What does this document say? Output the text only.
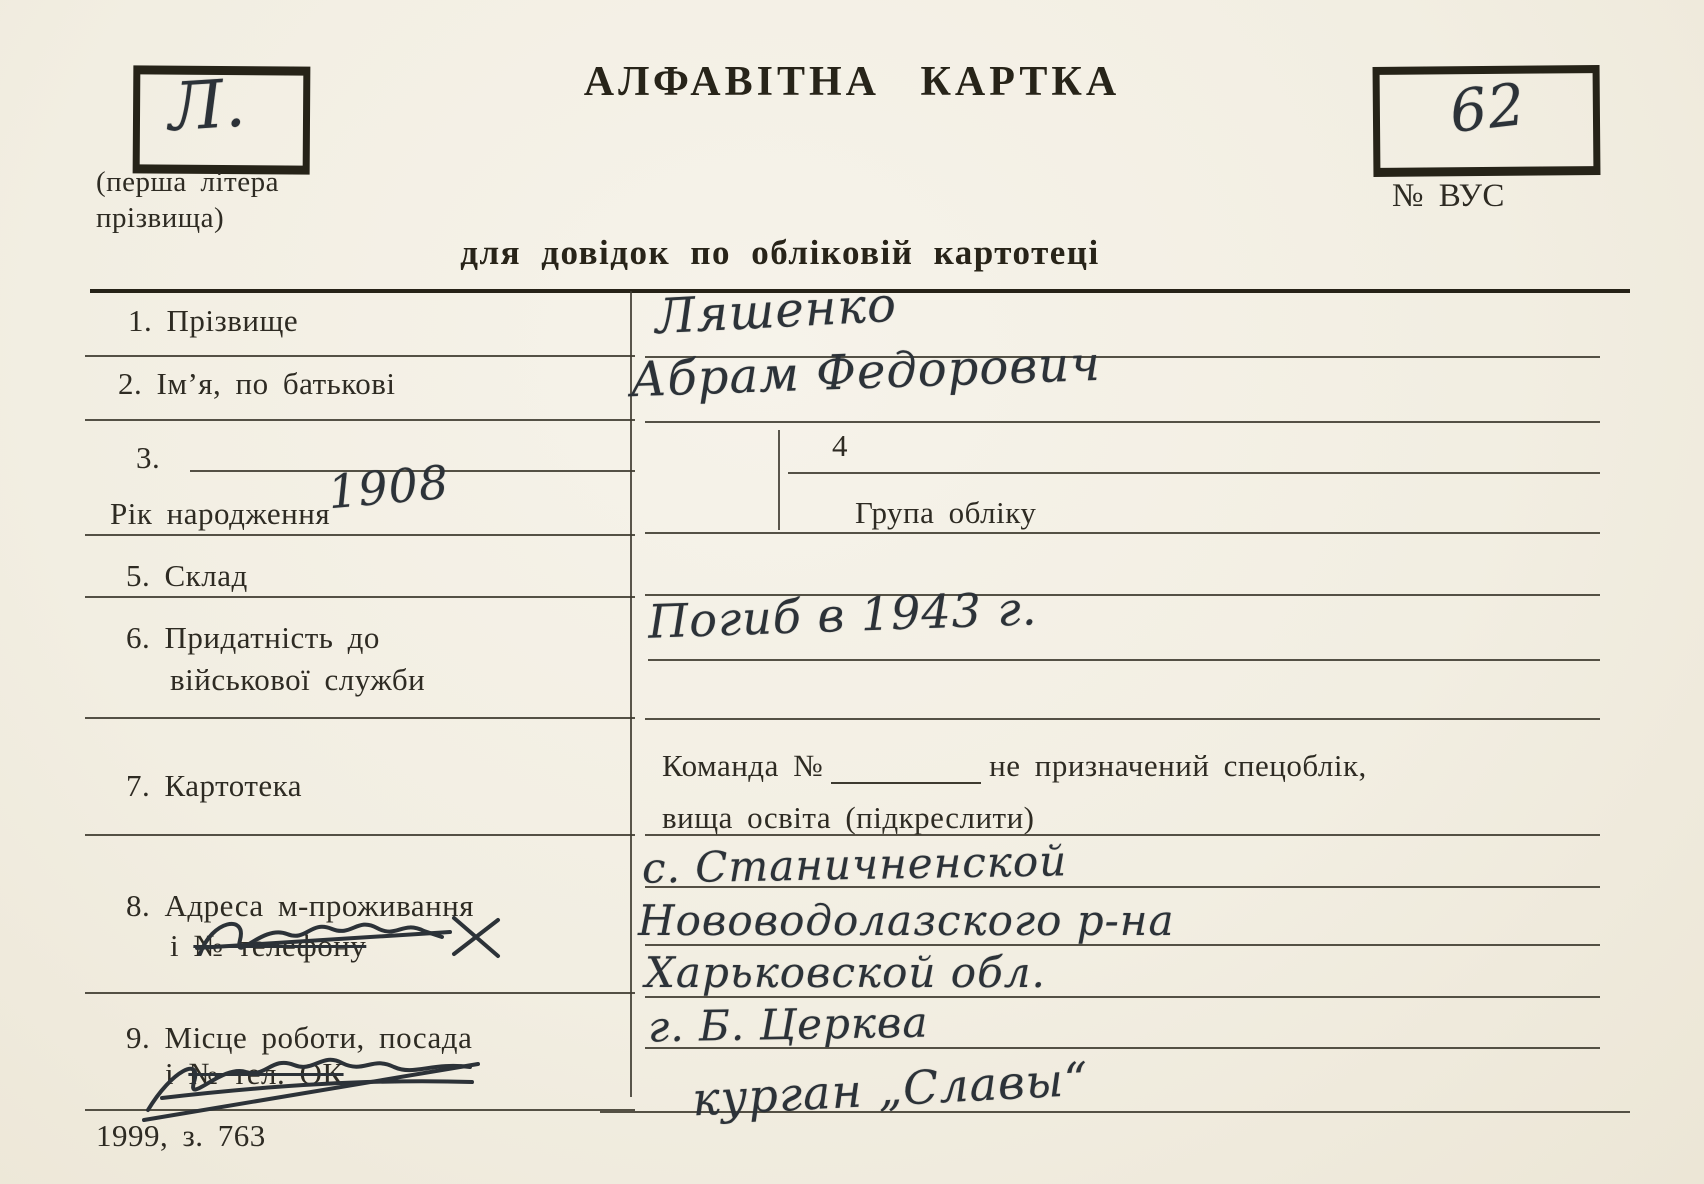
Л.
(перша літера
прізвища)
АЛФАВІТНА КАРТКА	62
№ ВУС
для довідок по обліковій картотеці
1. Прізвище
2. Ім’я, по батькові
3.
Рік народження
5. Склад
6. Придатність до
військової служби
7. Картотека
8. Адреса м-проживання
і № телефону
9. Місце роботи, посада
і № тел. ОК
1999, з. 763
4
Група обліку
Команда №	не призначений спецоблік,
вища освіта (підкреслити)
Ляшенко
Абрам Федорович
1908
Погиб в 1943 г.
с. Станичненской
Нововодолазского р-на
Харьковской обл.
г. Б. Церква
курган „Славы“
